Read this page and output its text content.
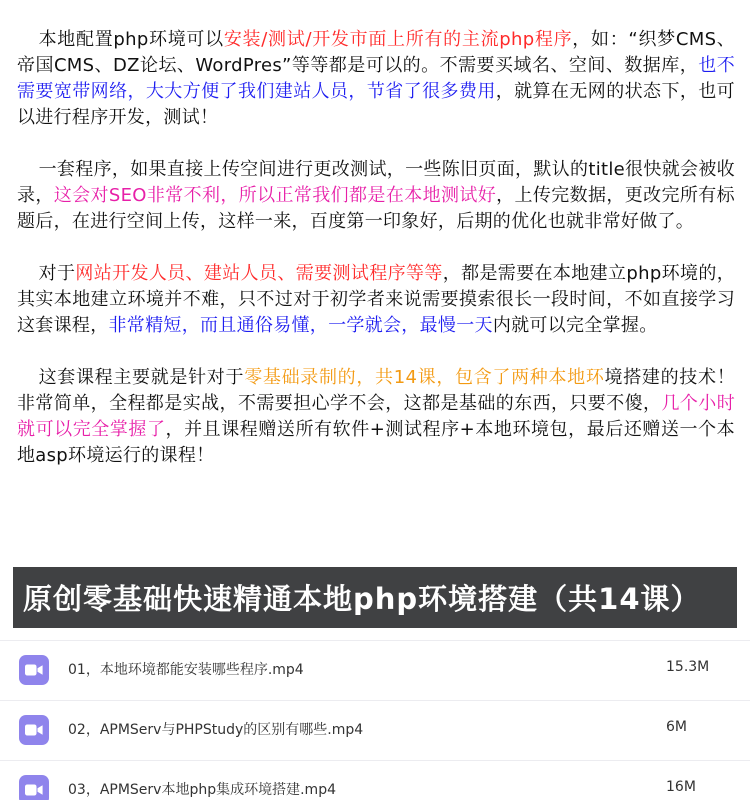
本地配置php环境可以安装/测试/开发市面上所有的主流php程序，如：“织梦CMS、帝国CMS、DZ论坛、WordPres”等等都是可以的。不需要买域名、空间、数据库，也不需要宽带网络，大大方便了我们建站人员，节省了很多费用，就算在无网的状态下，也可以进行程序开发，测试！

一套程序，如果直接上传空间进行更改测试，一些陈旧页面，默认的title很快就会被收录，这会对SEO非常不利，所以正常我们都是在本地测试好，上传完数据，更改完所有标题后，在进行空间上传，这样一来，百度第一印象好，后期的优化也就非常好做了。

对于网站开发人员、建站人员、需要测试程序等等，都是需要在本地建立php环境的，其实本地建立环境并不难，只不过对于初学者来说需要摸索很长一段时间，不如直接学习这套课程，非常精短，而且通俗易懂，一学就会，最慢一天内就可以完全掌握。

这套课程主要就是针对于零基础录制的，共14课，包含了两种本地环境搭建的技术！非常简单，全程都是实战，不需要担心学不会，这都是基础的东西，只要不傻，几个小时就可以完全掌握了，并且课程赠送所有软件+测试程序+本地环境包，最后还赠送一个本地asp环境运行的课程！

原创零基础快速精通本地php环境搭建（共14课）
01，本地环境都能安装哪些程序.mp4	15.3M
02，APMServ与PHPStudy的区别有哪些.mp4	6M
03，APMServ本地php集成环境搭建.mp4	16M
